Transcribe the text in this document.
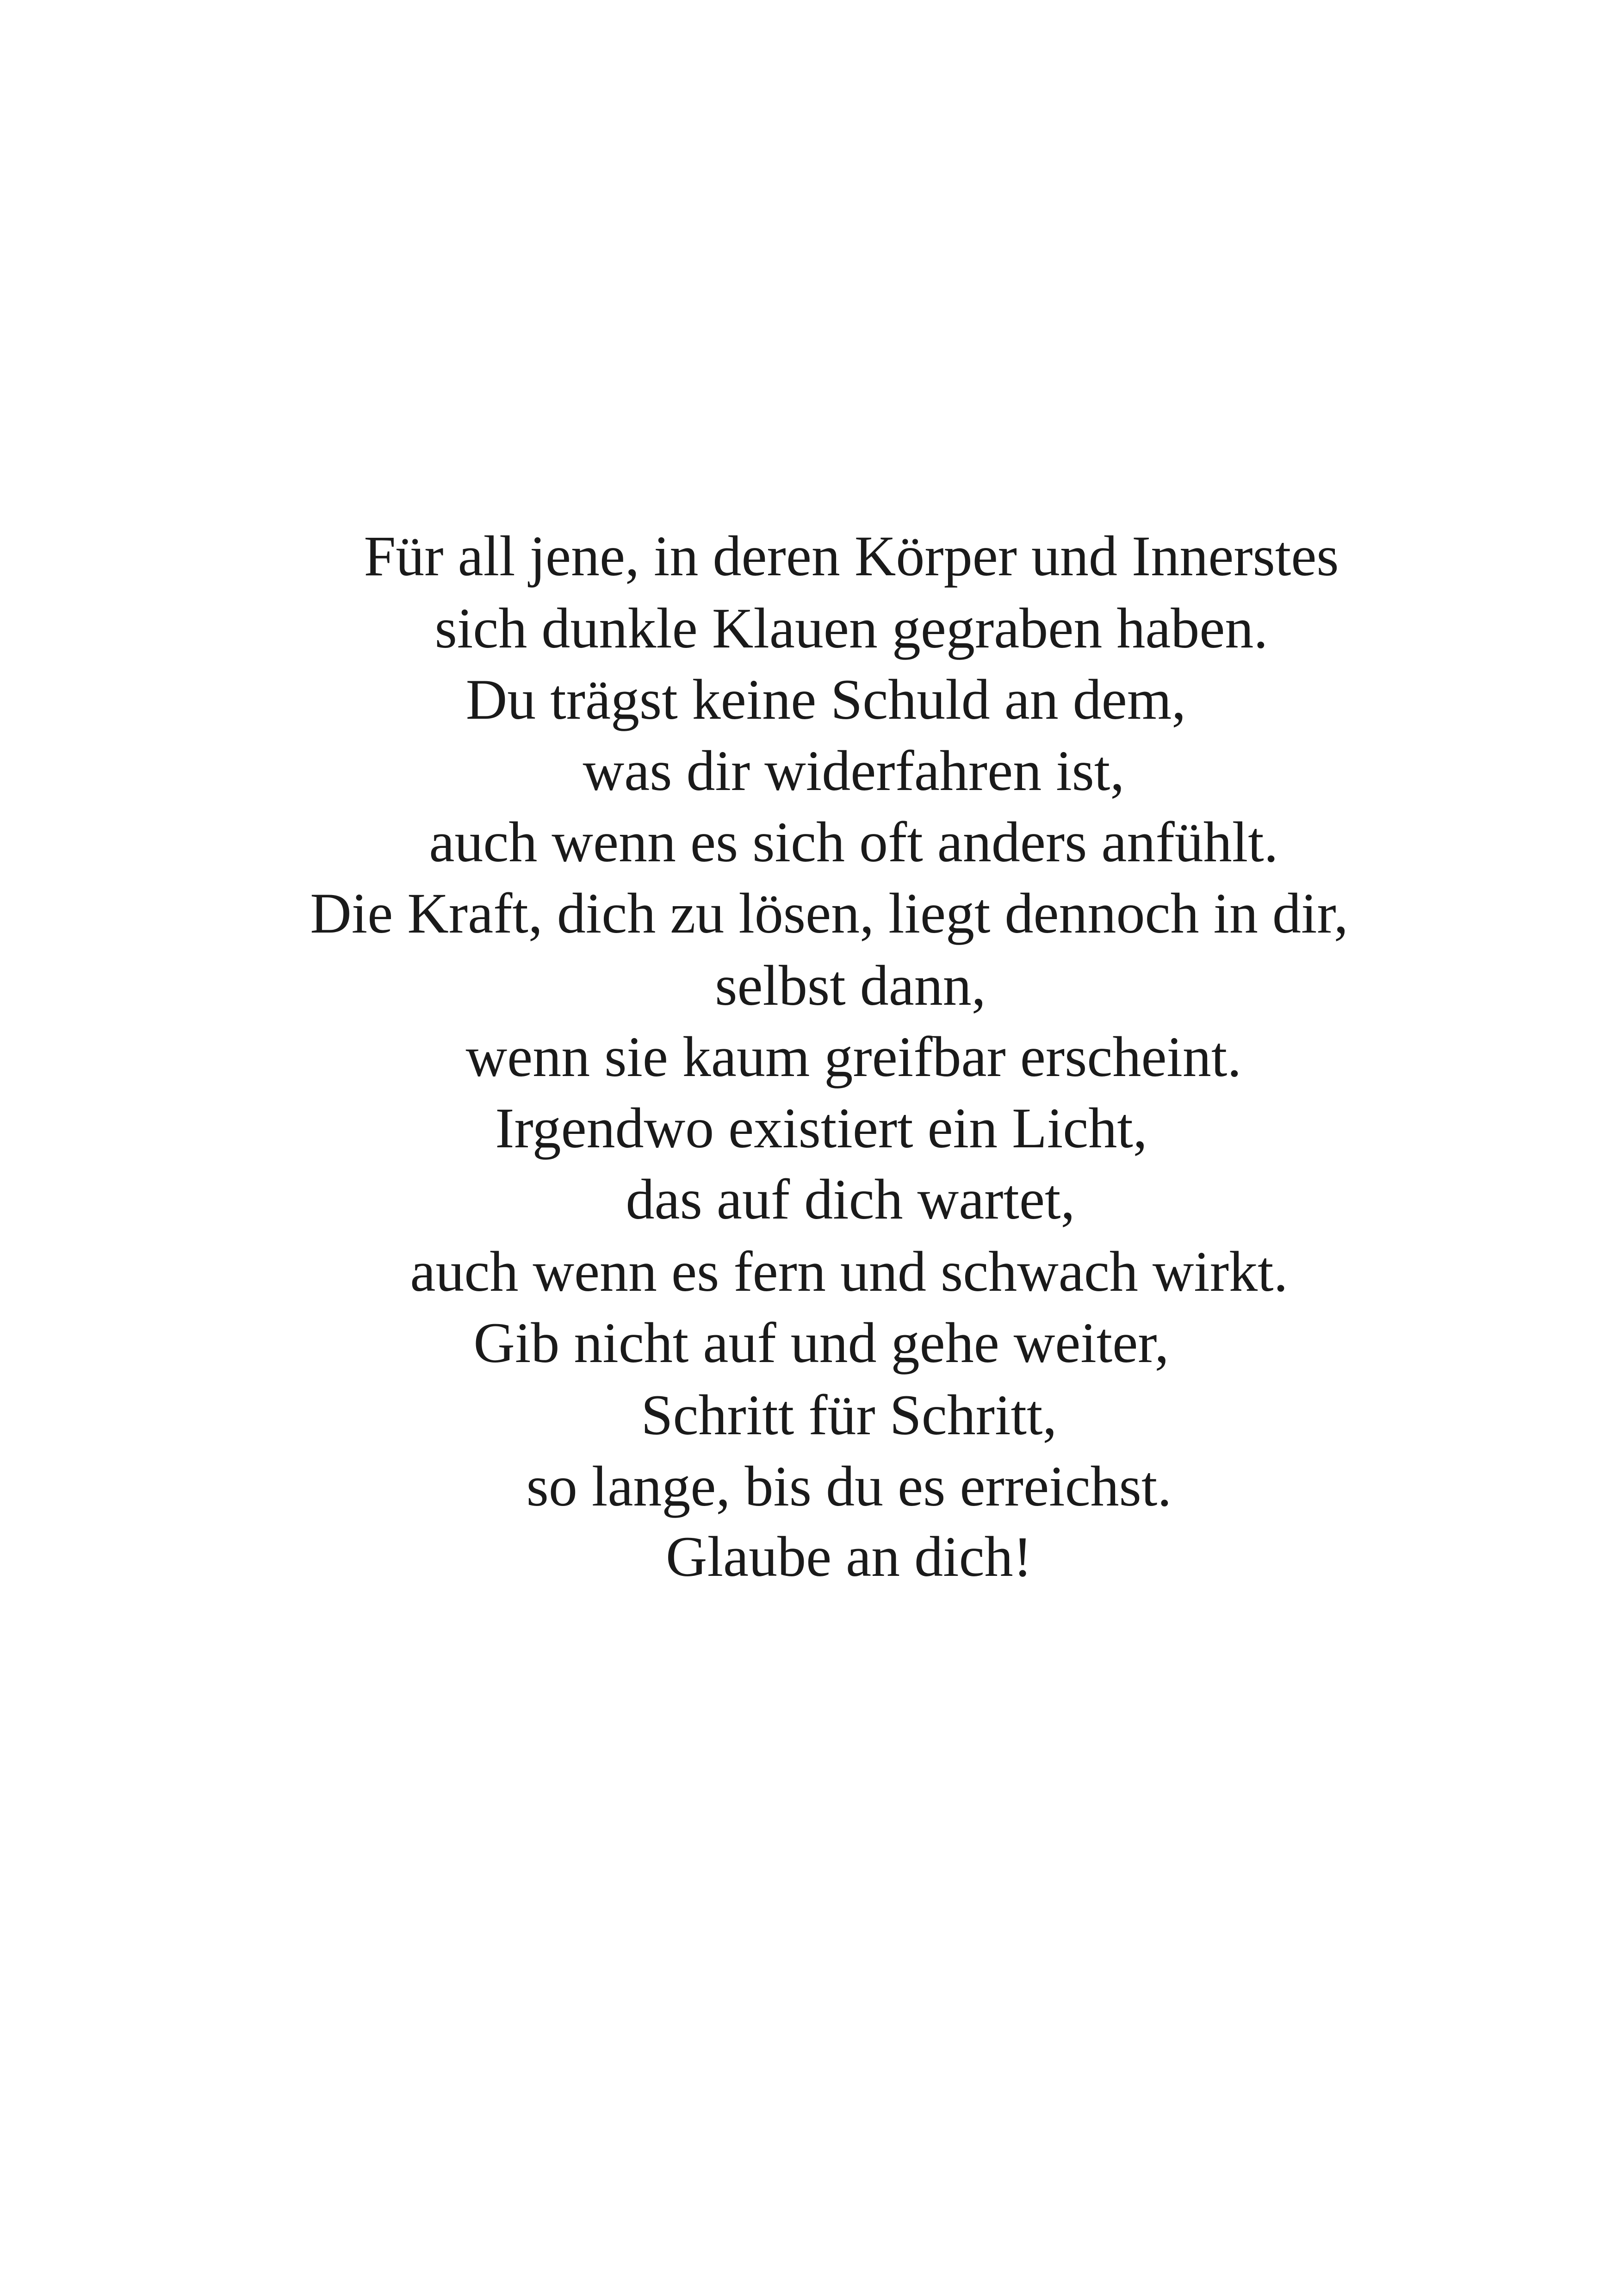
Für all jene, in deren Körper und Innerstes
sich dunkle Klauen gegraben haben.
Du trägst keine Schuld an dem,
was dir widerfahren ist,
auch wenn es sich oft anders anfühlt.
Die Kraft, dich zu lösen, liegt dennoch in dir,
selbst dann,
wenn sie kaum greifbar erscheint.
Irgendwo existiert ein Licht,
das auf dich wartet,
auch wenn es fern und schwach wirkt.
Gib nicht auf und gehe weiter,
Schritt für Schritt,
so lange, bis du es erreichst.
Glaube an dich!
